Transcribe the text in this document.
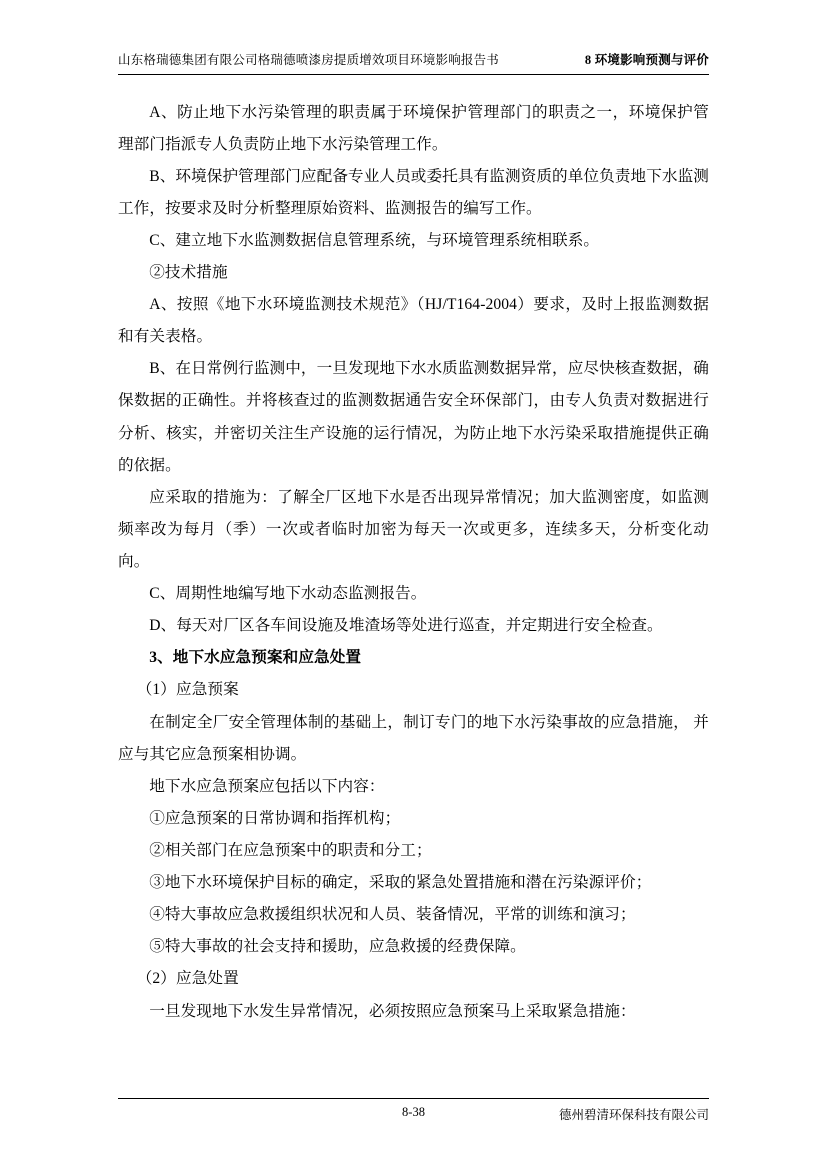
山东格瑞德集团有限公司格瑞德喷漆房提质增效项目环境影响报告书	8 环境影响预测与评价

A、防止地下水污染管理的职责属于环境保护管理部门的职责之一，环境保护管理部门指派专人负责防止地下水污染管理工作。

B、环境保护管理部门应配备专业人员或委托具有监测资质的单位负责地下水监测工作，按要求及时分析整理原始资料、监测报告的编写工作。

C、建立地下水监测数据信息管理系统，与环境管理系统相联系。

②技术措施

A、按照《地下水环境监测技术规范》（HJ/T164-2004）要求，及时上报监测数据和有关表格。

B、在日常例行监测中，一旦发现地下水水质监测数据异常，应尽快核查数据，确保数据的正确性。并将核查过的监测数据通告安全环保部门，由专人负责对数据进行分析、核实，并密切关注生产设施的运行情况，为防止地下水污染采取措施提供正确的依据。

应采取的措施为：了解全厂区地下水是否出现异常情况；加大监测密度，如监测频率改为每月（季）一次或者临时加密为每天一次或更多，连续多天，分析变化动向。

C、周期性地编写地下水动态监测报告。

D、每天对厂区各车间设施及堆渣场等处进行巡查，并定期进行安全检查。

3、地下水应急预案和应急处置

（1）应急预案

在制定全厂安全管理体制的基础上，制订专门的地下水污染事故的应急措施， 并应与其它应急预案相协调。

地下水应急预案应包括以下内容：

①应急预案的日常协调和指挥机构；

②相关部门在应急预案中的职责和分工；

③地下水环境保护目标的确定，采取的紧急处置措施和潜在污染源评价；

④特大事故应急救援组织状况和人员、装备情况，平常的训练和演习；

⑤特大事故的社会支持和援助，应急救援的经费保障。

（2）应急处置

一旦发现地下水发生异常情况，必须按照应急预案马上采取紧急措施：

8-38	德州碧清环保科技有限公司
